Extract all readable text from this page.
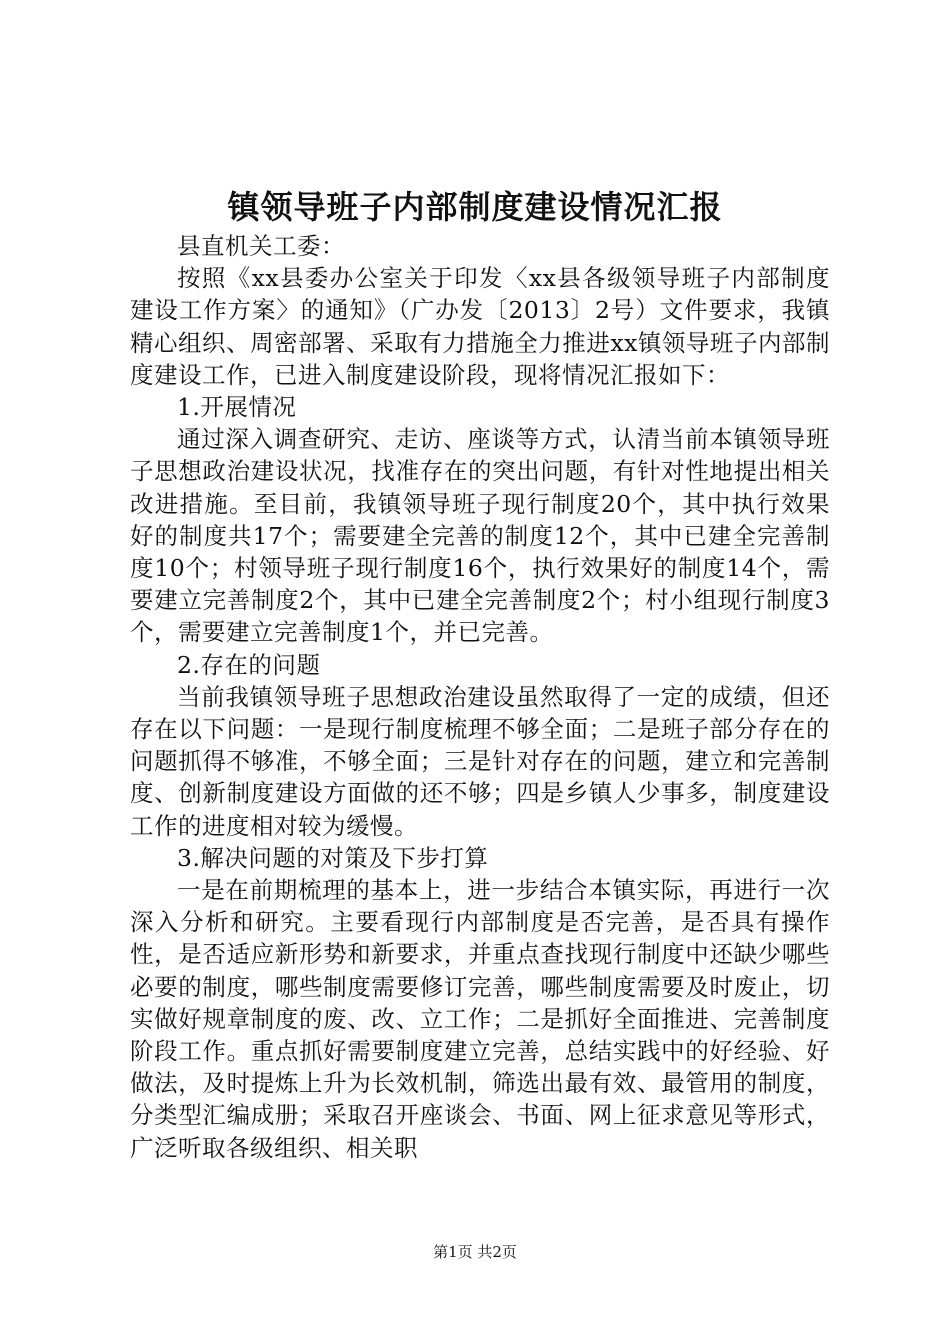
镇领导班子内部制度建设情况汇报

县直机关工委：

按照《xx县委办公室关于印发〈xx县各级领导班子内部制度建设工作方案〉的通知》（广办发〔2013〕2号）文件要求，我镇精心组织、周密部署、采取有力措施全力推进xx镇领导班子内部制度建设工作，已进入制度建设阶段，现将情况汇报如下：

1.开展情况

通过深入调查研究、走访、座谈等方式，认清当前本镇领导班子思想政治建设状况，找准存在的突出问题，有针对性地提出相关改进措施。至目前，我镇领导班子现行制度20个，其中执行效果好的制度共17个；需要建全完善的制度12个，其中已建全完善制度10个；村领导班子现行制度16个，执行效果好的制度14个，需要建立完善制度2个，其中已建全完善制度2个；村小组现行制度3个，需要建立完善制度1个，并已完善。

2.存在的问题

当前我镇领导班子思想政治建设虽然取得了一定的成绩，但还存在以下问题：一是现行制度梳理不够全面；二是班子部分存在的问题抓得不够准，不够全面；三是针对存在的问题，建立和完善制度、创新制度建设方面做的还不够；四是乡镇人少事多，制度建设工作的进度相对较为缓慢。

3.解决问题的对策及下步打算

一是在前期梳理的基本上，进一步结合本镇实际，再进行一次深入分析和研究。主要看现行内部制度是否完善，是否具有操作性，是否适应新形势和新要求，并重点查找现行制度中还缺少哪些必要的制度，哪些制度需要修订完善，哪些制度需要及时废止，切实做好规章制度的废、改、立工作；二是抓好全面推进、完善制度阶段工作。重点抓好需要制度建立完善，总结实践中的好经验、好做法，及时提炼上升为长效机制，筛选出最有效、最管用的制度，分类型汇编成册；采取召开座谈会、书面、网上征求意见等形式，广泛听取各级组织、相关职

第1页 共2页
